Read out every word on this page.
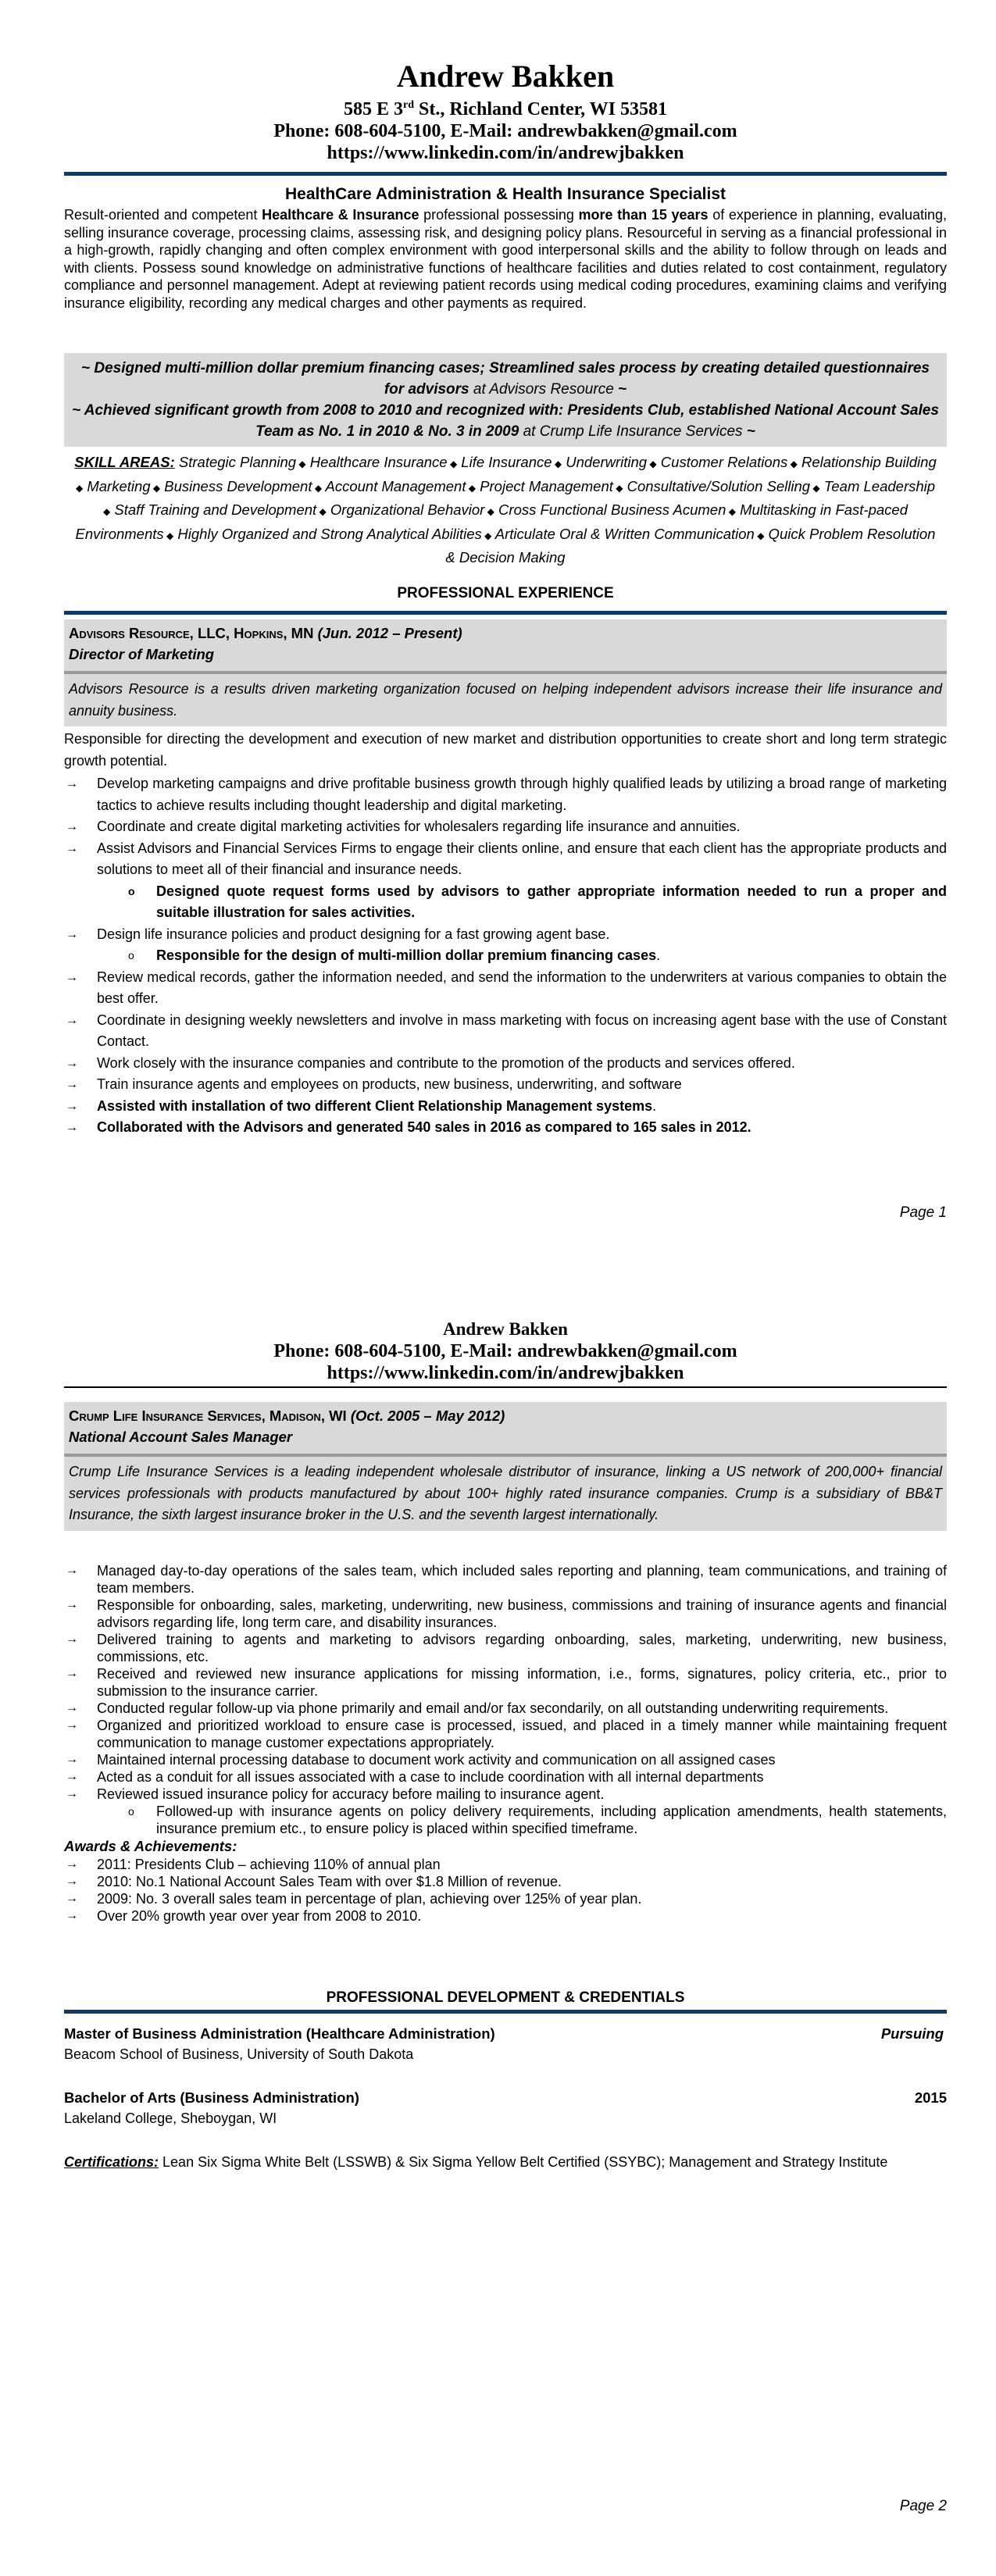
Andrew Bakken
585 E 3rd St., Richland Center, WI 53581
Phone: 608-604-5100, E-Mail: andrewbakken@gmail.com
https://www.linkedin.com/in/andrewjbakken
HealthCare Administration & Health Insurance Specialist
Result-oriented and competent Healthcare & Insurance professional possessing more than 15 years of experience in planning, evaluating, selling insurance coverage, processing claims, assessing risk, and designing policy plans. Resourceful in serving as a financial professional in a high-growth, rapidly changing and often complex environment with good interpersonal skills and the ability to follow through on leads and with clients. Possess sound knowledge on administrative functions of healthcare facilities and duties related to cost containment, regulatory compliance and personnel management. Adept at reviewing patient records using medical coding procedures, examining claims and verifying insurance eligibility, recording any medical charges and other payments as required.
~ Designed multi-million dollar premium financing cases; Streamlined sales process by creating detailed questionnaires for advisors at Advisors Resource ~
~ Achieved significant growth from 2008 to 2010 and recognized with: Presidents Club, established National Account Sales Team as No. 1 in 2010 & No. 3 in 2009 at Crump Life Insurance Services ~
SKILL AREAS: Strategic Planning ◆ Healthcare Insurance ◆ Life Insurance ◆ Underwriting ◆ Customer Relations ◆ Relationship Building ◆ Marketing ◆ Business Development ◆ Account Management ◆ Project Management ◆ Consultative/Solution Selling ◆ Team Leadership ◆ Staff Training and Development ◆ Organizational Behavior ◆ Cross Functional Business Acumen ◆ Multitasking in Fast-paced Environments ◆ Highly Organized and Strong Analytical Abilities ◆ Articulate Oral & Written Communication ◆ Quick Problem Resolution & Decision Making
PROFESSIONAL EXPERIENCE
Advisors Resource, LLC, Hopkins, MN (Jun. 2012 – Present)
Director of Marketing
Advisors Resource is a results driven marketing organization focused on helping independent advisors increase their life insurance and annuity business.
Responsible for directing the development and execution of new market and distribution opportunities to create short and long term strategic growth potential.
→ Develop marketing campaigns and drive profitable business growth through highly qualified leads by utilizing a broad range of marketing tactics to achieve results including thought leadership and digital marketing.
→ Coordinate and create digital marketing activities for wholesalers regarding life insurance and annuities.
→ Assist Advisors and Financial Services Firms to engage their clients online, and ensure that each client has the appropriate products and solutions to meet all of their financial and insurance needs.
o Designed quote request forms used by advisors to gather appropriate information needed to run a proper and suitable illustration for sales activities.
→ Design life insurance policies and product designing for a fast growing agent base.
o Responsible for the design of multi-million dollar premium financing cases.
→ Review medical records, gather the information needed, and send the information to the underwriters at various companies to obtain the best offer.
→ Coordinate in designing weekly newsletters and involve in mass marketing with focus on increasing agent base with the use of Constant Contact.
→ Work closely with the insurance companies and contribute to the promotion of the products and services offered.
→ Train insurance agents and employees on products, new business, underwriting, and software
→ Assisted with installation of two different Client Relationship Management systems.
→ Collaborated with the Advisors and generated 540 sales in 2016 as compared to 165 sales in 2012.
Page 1
Andrew Bakken
Phone: 608-604-5100, E-Mail: andrewbakken@gmail.com
https://www.linkedin.com/in/andrewjbakken
Crump Life Insurance Services, Madison, WI (Oct. 2005 – May 2012)
National Account Sales Manager
Crump Life Insurance Services is a leading independent wholesale distributor of insurance, linking a US network of 200,000+ financial services professionals with products manufactured by about 100+ highly rated insurance companies. Crump is a subsidiary of BB&T Insurance, the sixth largest insurance broker in the U.S. and the seventh largest internationally.
→ Managed day-to-day operations of the sales team, which included sales reporting and planning, team communications, and training of team members.
→ Responsible for onboarding, sales, marketing, underwriting, new business, commissions and training of insurance agents and financial advisors regarding life, long term care, and disability insurances.
→ Delivered training to agents and marketing to advisors regarding onboarding, sales, marketing, underwriting, new business, commissions, etc.
→ Received and reviewed new insurance applications for missing information, i.e., forms, signatures, policy criteria, etc., prior to submission to the insurance carrier.
→ Conducted regular follow-up via phone primarily and email and/or fax secondarily, on all outstanding underwriting requirements.
→ Organized and prioritized workload to ensure case is processed, issued, and placed in a timely manner while maintaining frequent communication to manage customer expectations appropriately.
→ Maintained internal processing database to document work activity and communication on all assigned cases
→ Acted as a conduit for all issues associated with a case to include coordination with all internal departments
→ Reviewed issued insurance policy for accuracy before mailing to insurance agent.
o Followed-up with insurance agents on policy delivery requirements, including application amendments, health statements, insurance premium etc., to ensure policy is placed within specified timeframe.
Awards & Achievements:
→ 2011: Presidents Club – achieving 110% of annual plan
→ 2010: No.1 National Account Sales Team with over $1.8 Million of revenue.
→ 2009: No. 3 overall sales team in percentage of plan, achieving over 125% of year plan.
→ Over 20% growth year over year from 2008 to 2010.
PROFESSIONAL DEVELOPMENT & CREDENTIALS
Master of Business Administration (Healthcare Administration)	Pursuing
Beacom School of Business, University of South Dakota
Bachelor of Arts (Business Administration)	2015
Lakeland College, Sheboygan, WI
Certifications: Lean Six Sigma White Belt (LSSWB) & Six Sigma Yellow Belt Certified (SSYBC); Management and Strategy Institute
Page 2
